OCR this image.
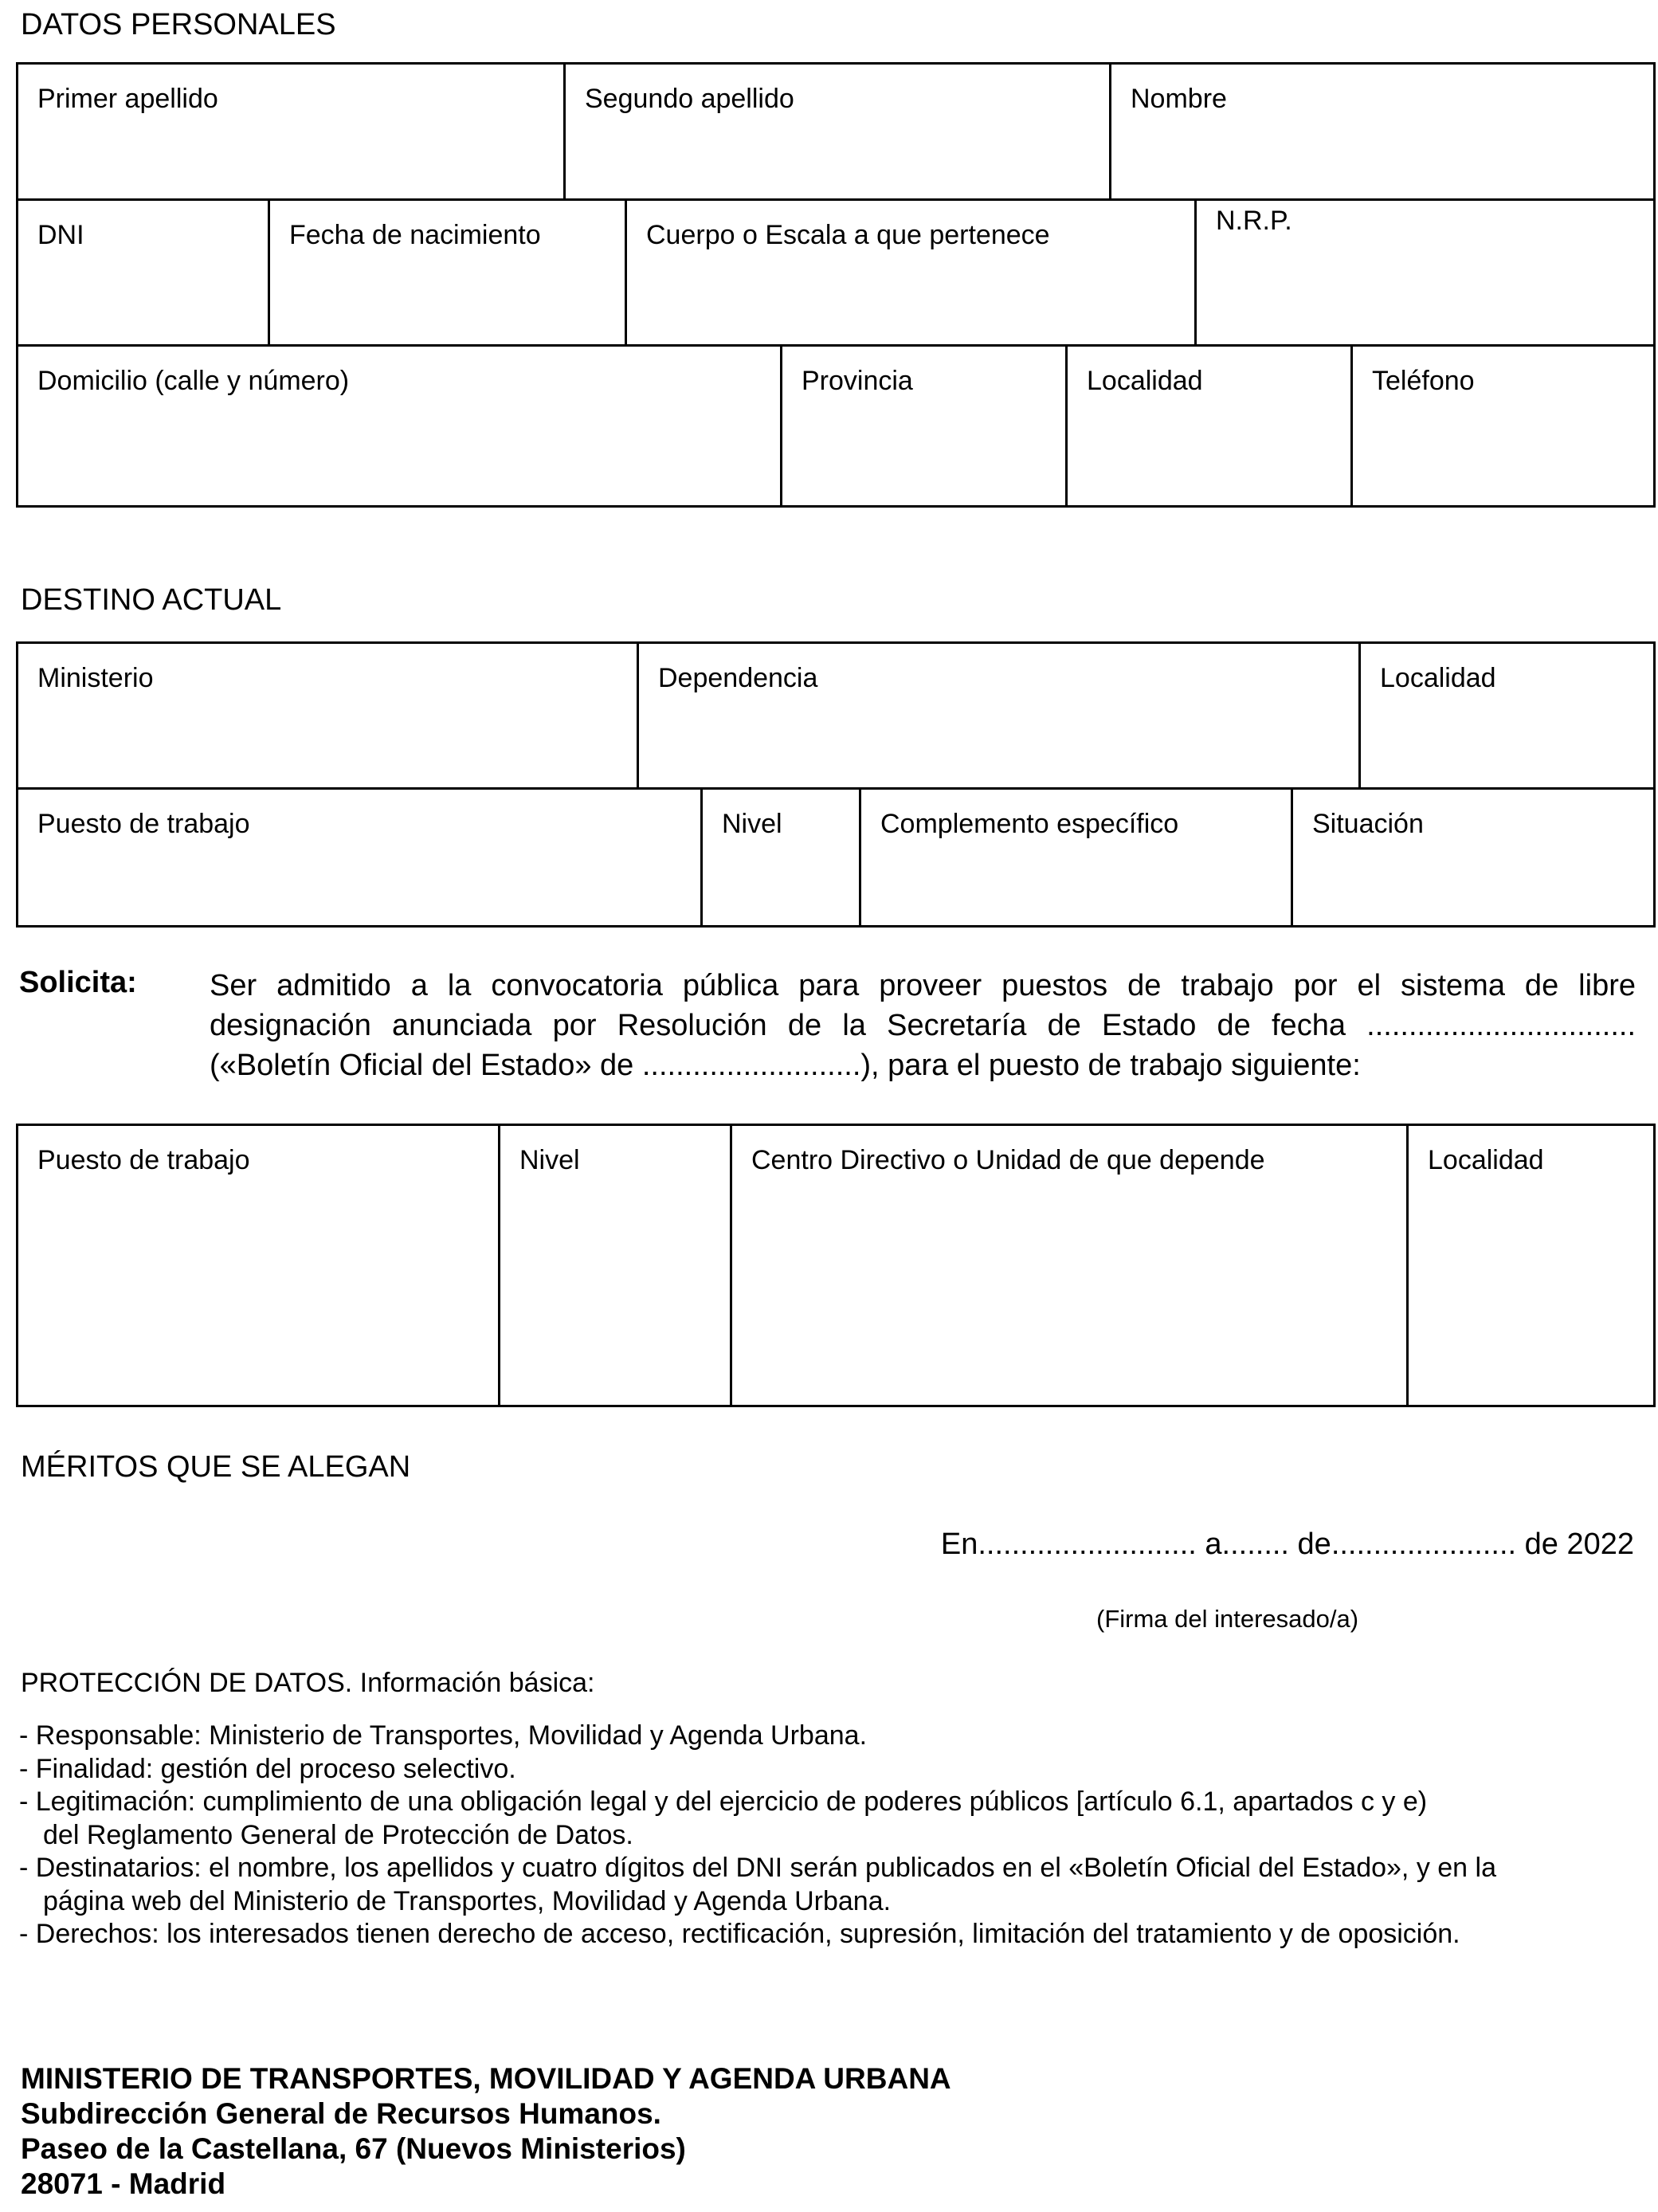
DATOS PERSONALES
Primer apellido	Segundo apellido	Nombre
DNI	Fecha de nacimiento	Cuerpo o Escala a que pertenece	N.R.P.
Domicilio (calle y número)	Provincia	Localidad	Teléfono
DESTINO ACTUAL
Ministerio	Dependencia	Localidad
Puesto de trabajo	Nivel	Complemento específico	Situación
Solicita: Ser admitido a la convocatoria pública para proveer puestos de trabajo por el sistema de libre
designación anunciada por Resolución de la Secretaría de Estado de fecha ................................
(«Boletín Oficial del Estado» de ..........................), para el puesto de trabajo siguiente:
Puesto de trabajo	Nivel	Centro Directivo o Unidad de que depende	Localidad
MÉRITOS QUE SE ALEGAN
En.......................... a........ de...................... de 2022
(Firma del interesado/a)
PROTECCIÓN DE DATOS. Información básica:
- Responsable: Ministerio de Transportes, Movilidad y Agenda Urbana.
- Finalidad: gestión del proceso selectivo.
- Legitimación: cumplimiento de una obligación legal y del ejercicio de poderes públicos [artículo 6.1, apartados c y e)
del Reglamento General de Protección de Datos.
- Destinatarios: el nombre, los apellidos y cuatro dígitos del DNI serán publicados en el «Boletín Oficial del Estado», y en la
página web del Ministerio de Transportes, Movilidad y Agenda Urbana.
- Derechos: los interesados tienen derecho de acceso, rectificación, supresión, limitación del tratamiento y de oposición.
MINISTERIO DE TRANSPORTES, MOVILIDAD Y AGENDA URBANA
Subdirección General de Recursos Humanos.
Paseo de la Castellana, 67 (Nuevos Ministerios)
28071 - Madrid
